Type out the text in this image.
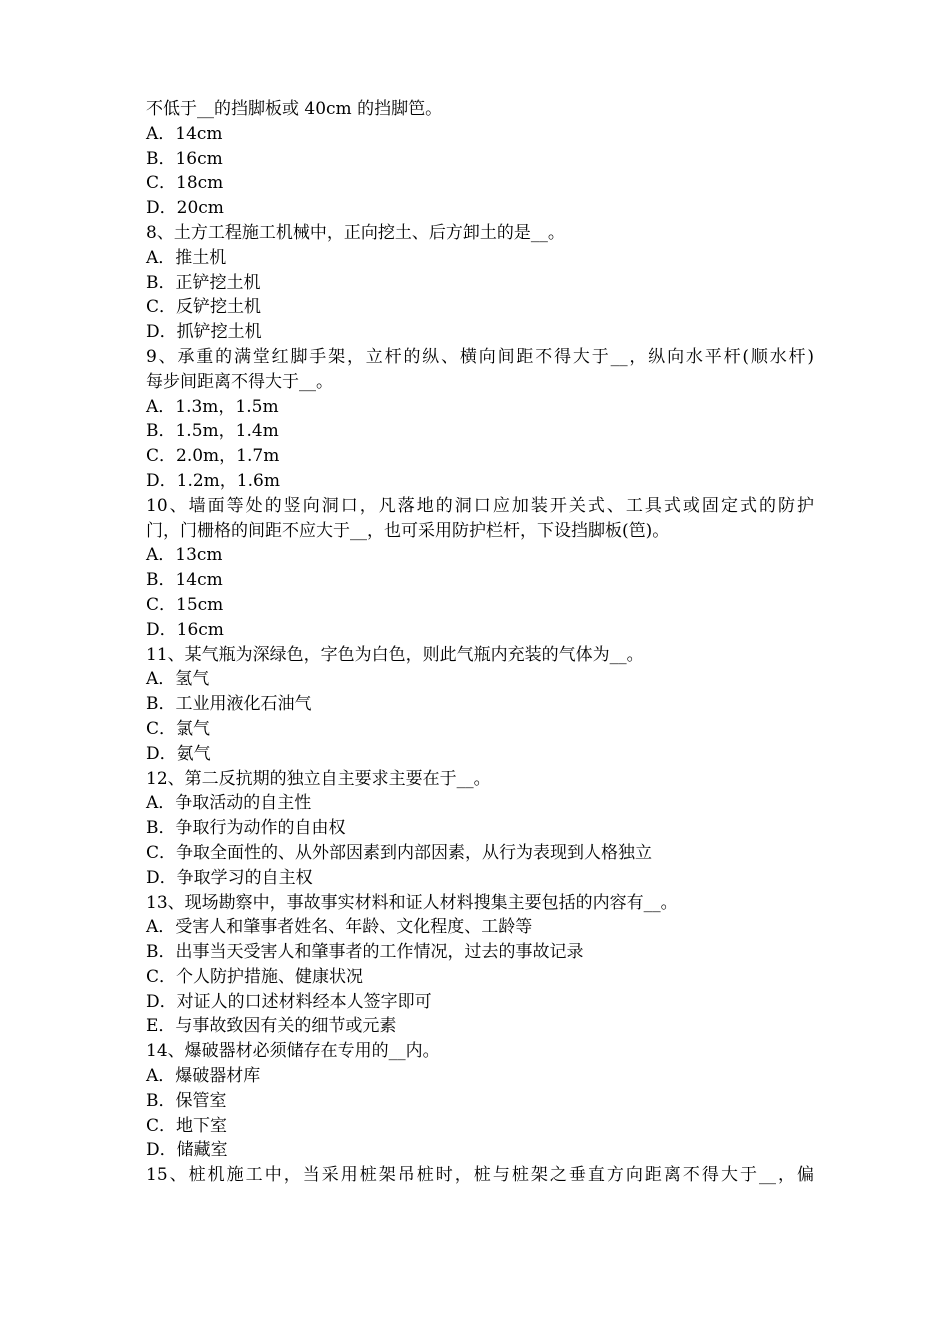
不低于__的挡脚板或 40cm 的挡脚笆。
A．14cm
B．16cm
C．18cm
D．20cm
8、土方工程施工机械中，正向挖土、后方卸土的是__。
A．推土机
B．正铲挖土机
C．反铲挖土机
D．抓铲挖土机
9、承重的满堂红脚手架，立杆的纵、横向间距不得大于__，纵向水平杆(顺水杆)
每步间距离不得大于__。
A．1.3m，1.5m
B．1.5m，1.4m
C．2.0m，1.7m
D．1.2m，1.6m
10、墙面等处的竖向洞口，凡落地的洞口应加装开关式、工具式或固定式的防护
门，门栅格的间距不应大于__，也可采用防护栏杆，下设挡脚板(笆)。
A．13cm
B．14cm
C．15cm
D．16cm
11、某气瓶为深绿色，字色为白色，则此气瓶内充装的气体为__。
A．氢气
B．工业用液化石油气
C．氯气
D．氨气
12、第二反抗期的独立自主要求主要在于__。
A．争取活动的自主性
B．争取行为动作的自由权
C．争取全面性的、从外部因素到内部因素，从行为表现到人格独立
D．争取学习的自主权
13、现场勘察中，事故事实材料和证人材料搜集主要包括的内容有__。
A．受害人和肇事者姓名、年龄、文化程度、工龄等
B．出事当天受害人和肇事者的工作情况，过去的事故记录
C．个人防护措施、健康状况
D．对证人的口述材料经本人签字即可
E．与事故致因有关的细节或元素
14、爆破器材必须储存在专用的__内。
A．爆破器材库
B．保管室
C．地下室
D．储藏室
15、桩机施工中，当采用桩架吊桩时，桩与桩架之垂直方向距离不得大于__，偏
